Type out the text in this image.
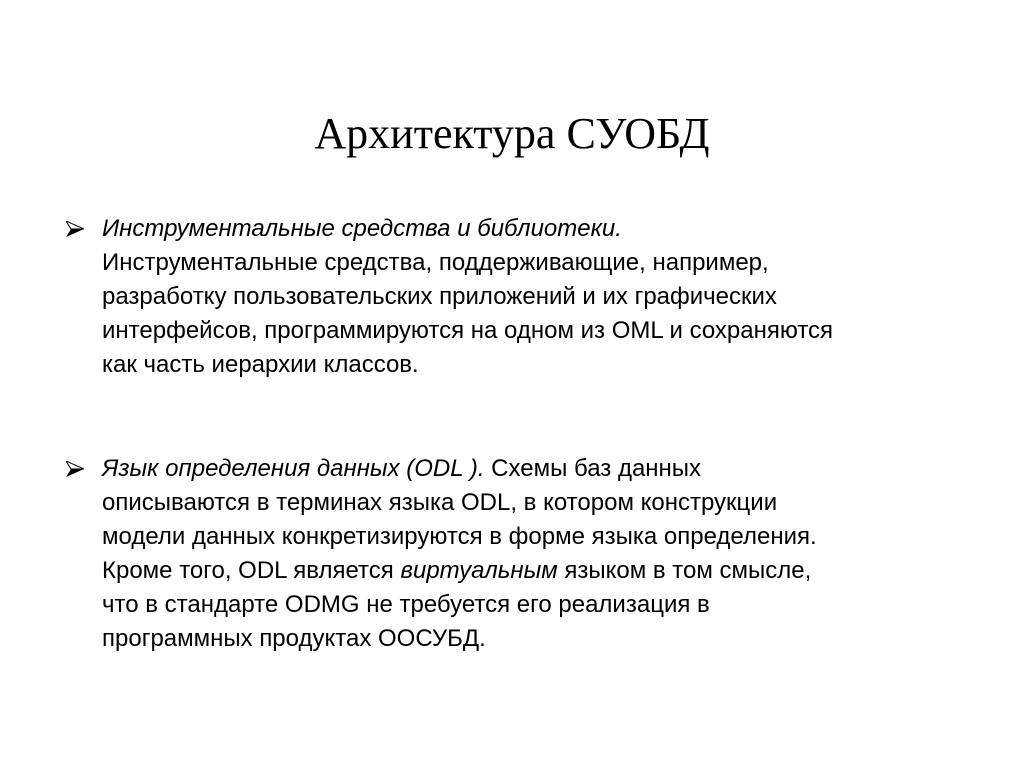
Архитектура СУОБД
Инструментальные средства и библиотеки.
Инструментальные средства, поддерживающие, например,
разработку пользовательских приложений и их графических
интерфейсов, программируются на одном из OML и сохраняются
как часть иерархии классов.
Язык определения данных (ODL ). Схемы баз данных
описываются в терминах языка ODL, в котором конструкции
модели данных конкретизируются в форме языка определения.
Кроме того, ODL является виртуальным языком в том смысле,
что в стандарте ODMG не требуется его реализация в
программных продуктах ООСУБД.
